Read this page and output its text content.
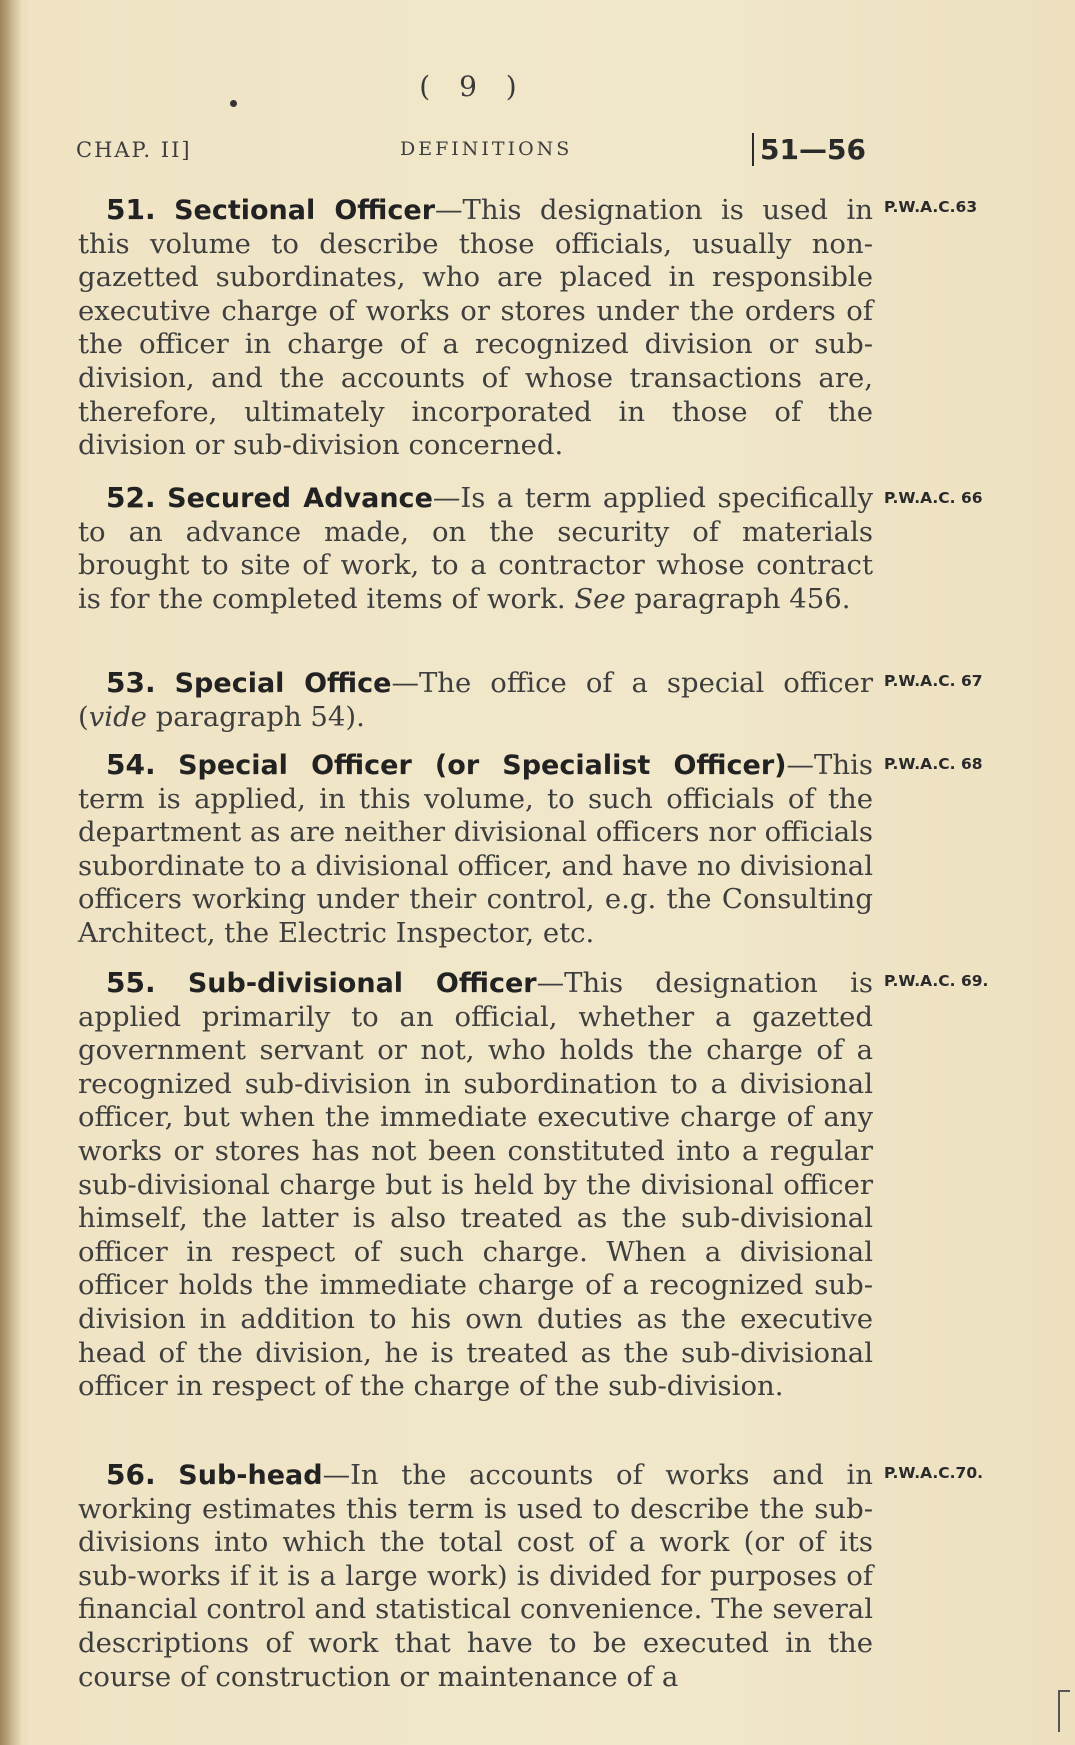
( 9 )
CHAP. II]	DEFINITIONS	51—56
51. Sectional Officer—This designation is used in this volume to describe those officials, usually non-gazetted subordinates, who are placed in responsible executive charge of works or stores under the orders of the officer in charge of a recognized division or sub-division, and the accounts of whose transactions are, therefore, ultimately incorporated in those of the division or sub-division concerned.
P.W.A.C.63
52. Secured Advance—Is a term applied specifically to an advance made, on the security of materials brought to site of work, to a contractor whose contract is for the completed items of work. See paragraph 456.
P.W.A.C. 66
53. Special Office—The office of a special officer (vide paragraph 54).
P.W.A.C. 67
54. Special Officer (or Specialist Officer)—This term is applied, in this volume, to such officials of the department as are neither divisional officers nor officials subordinate to a divisional officer, and have no divisional officers working under their control, e.g. the Consulting Architect, the Electric Inspector, etc.
P.W.A.C. 68
55. Sub-divisional Officer—This designation is applied primarily to an official, whether a gazetted government servant or not, who holds the charge of a recognized sub-division in subordination to a divisional officer, but when the immediate executive charge of any works or stores has not been constituted into a regular sub-divisional charge but is held by the divisional officer himself, the latter is also treated as the sub-divisional officer in respect of such charge. When a divisional officer holds the immediate charge of a recognized sub-division in addition to his own duties as the executive head of the division, he is treated as the sub-divisional officer in respect of the charge of the sub-division.
P.W.A.C. 69.
56. Sub-head—In the accounts of works and in working estimates this term is used to describe the sub-divisions into which the total cost of a work (or of its sub-works if it is a large work) is divided for purposes of financial control and statistical convenience. The several descriptions of work that have to be executed in the course of construction or maintenance of a
P.W.A.C.70.
